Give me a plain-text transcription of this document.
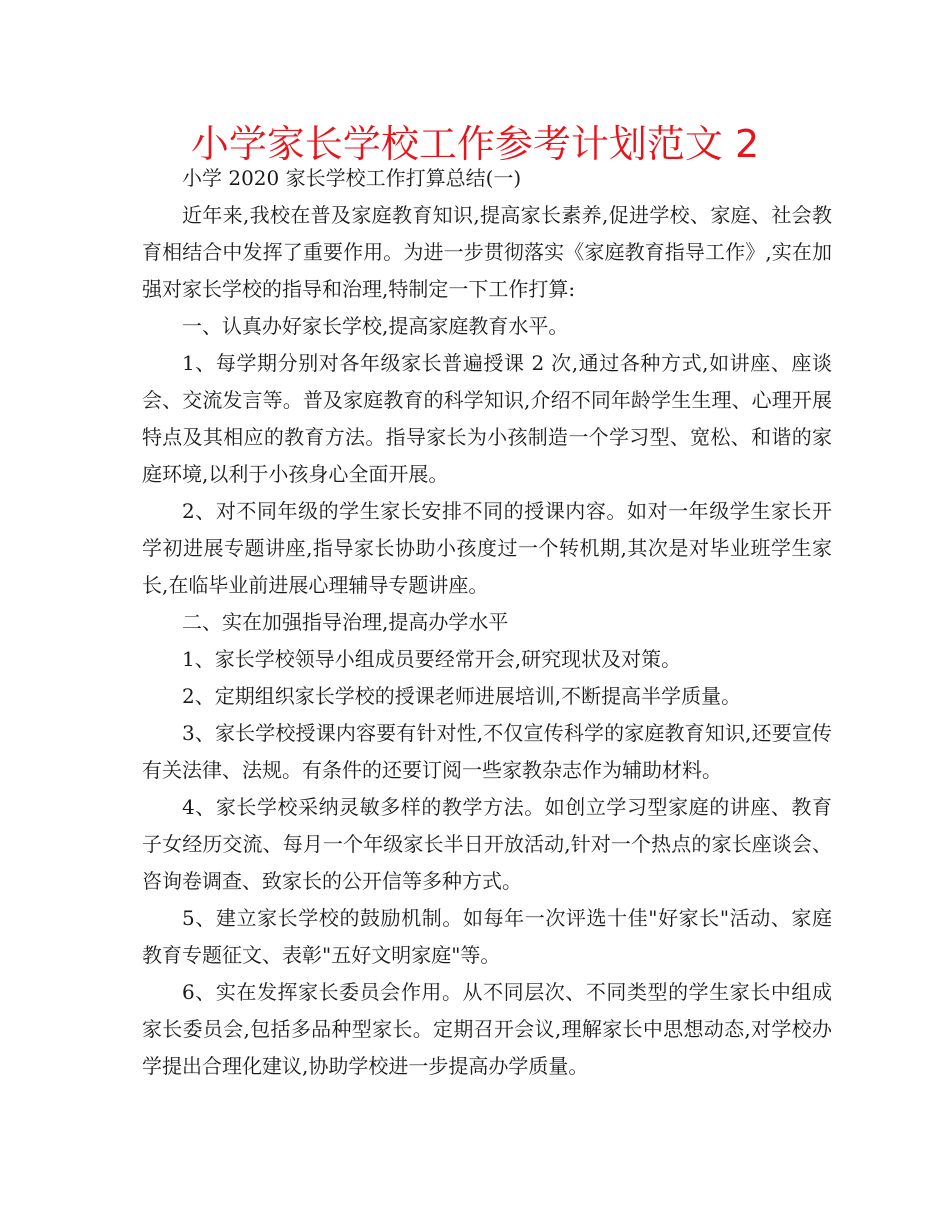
小学家长学校工作参考计划范文 2

小学 2020 家长学校工作打算总结(一)

近年来,我校在普及家庭教育知识,提高家长素养,促进学校、家庭、社会教育相结合中发挥了重要作用。为进一步贯彻落实《家庭教育指导工作》,实在加强对家长学校的指导和治理,特制定一下工作打算:

一、认真办好家长学校,提高家庭教育水平。

1、每学期分别对各年级家长普遍授课 2 次,通过各种方式,如讲座、座谈会、交流发言等。普及家庭教育的科学知识,介绍不同年龄学生生理、心理开展特点及其相应的教育方法。指导家长为小孩制造一个学习型、宽松、和谐的家庭环境,以利于小孩身心全面开展。

2、对不同年级的学生家长安排不同的授课内容。如对一年级学生家长开学初进展专题讲座,指导家长协助小孩度过一个转机期,其次是对毕业班学生家长,在临毕业前进展心理辅导专题讲座。

二、实在加强指导治理,提高办学水平

1、家长学校领导小组成员要经常开会,研究现状及对策。

2、定期组织家长学校的授课老师进展培训,不断提高半学质量。

3、家长学校授课内容要有针对性,不仅宣传科学的家庭教育知识,还要宣传有关法律、法规。有条件的还要订阅一些家教杂志作为辅助材料。

4、家长学校采纳灵敏多样的教学方法。如创立学习型家庭的讲座、教育子女经历交流、每月一个年级家长半日开放活动,针对一个热点的家长座谈会、咨询卷调查、致家长的公开信等多种方式。

5、建立家长学校的鼓励机制。如每年一次评选十佳"好家长"活动、家庭教育专题征文、表彰"五好文明家庭"等。

6、实在发挥家长委员会作用。从不同层次、不同类型的学生家长中组成家长委员会,包括多品种型家长。定期召开会议,理解家长中思想动态,对学校办学提出合理化建议,协助学校进一步提高办学质量。
